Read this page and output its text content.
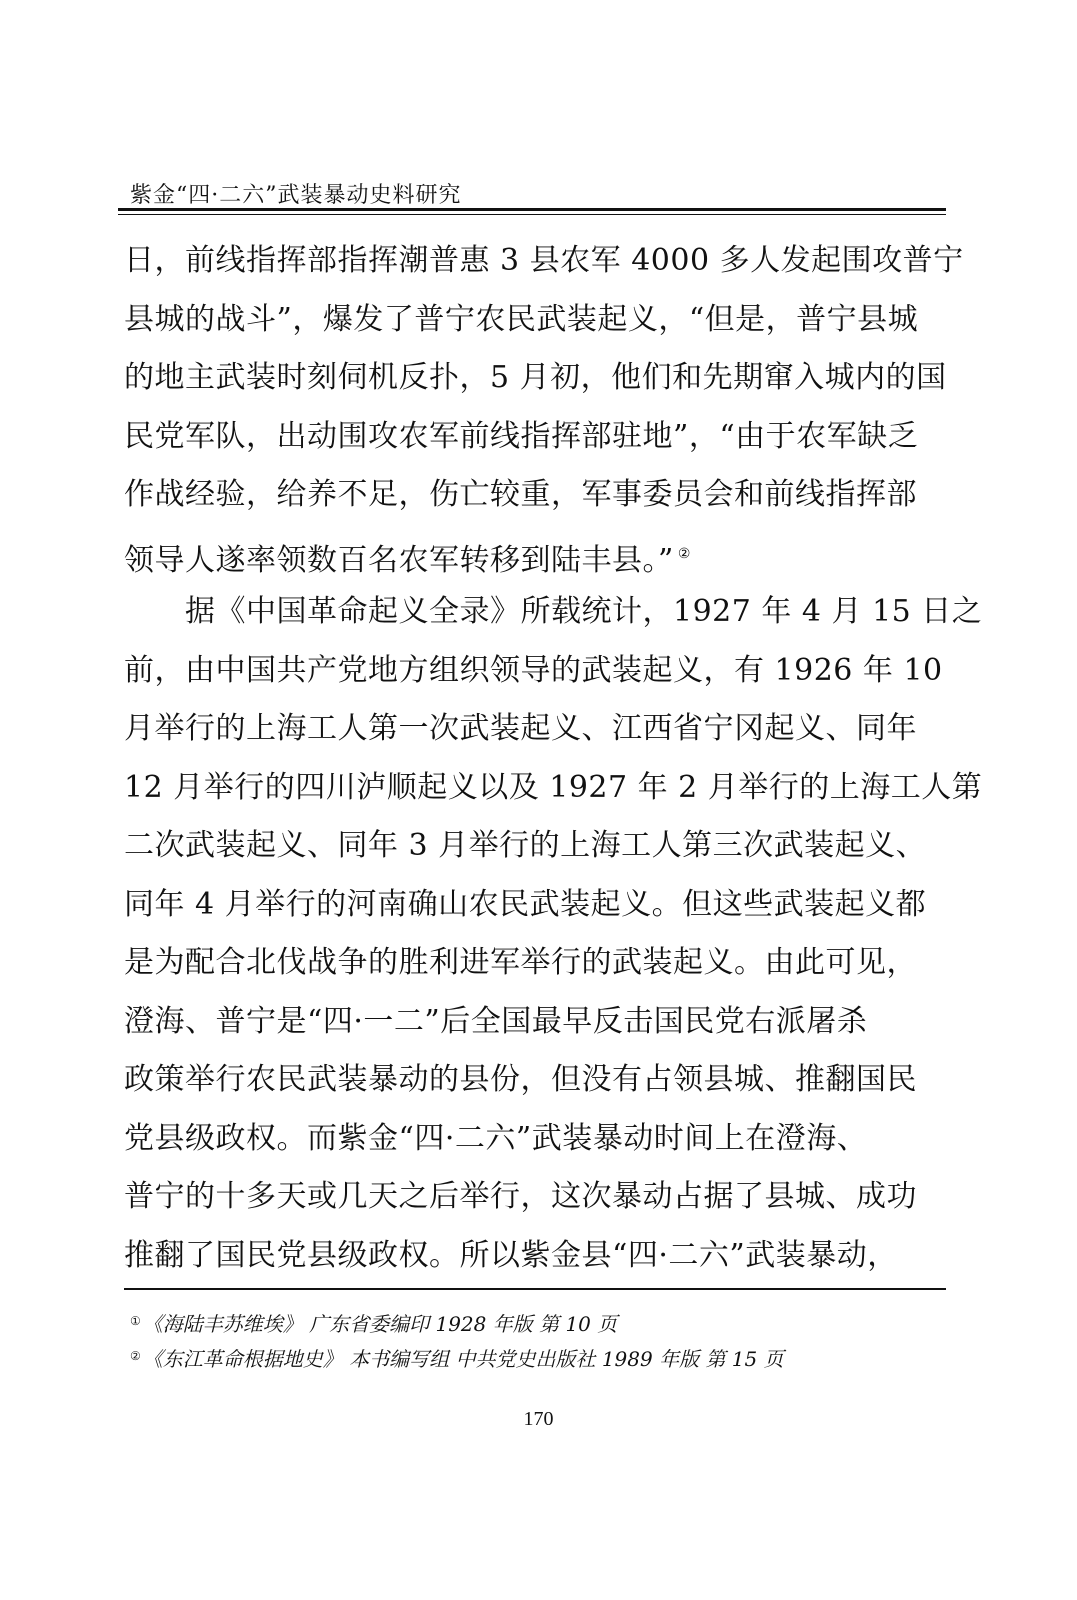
紫金“四·二六”武装暴动史料研究
日，前线指挥部指挥潮普惠 3 县农军 4000 多人发起围攻普宁
县城的战斗”，爆发了普宁农民武装起义，“但是，普宁县城
的地主武装时刻伺机反扑，5 月初，他们和先期窜入城内的国
民党军队，出动围攻农军前线指挥部驻地”，“由于农军缺乏
作战经验，给养不足，伤亡较重，军事委员会和前线指挥部
领导人遂率领数百名农军转移到陆丰县。” ②
　　据《中国革命起义全录》所载统计，1927 年 4 月 15 日之
前，由中国共产党地方组织领导的武装起义，有 1926 年 10
月举行的上海工人第一次武装起义、江西省宁冈起义、同年
12 月举行的四川泸顺起义以及 1927 年 2 月举行的上海工人第
二次武装起义、同年 3 月举行的上海工人第三次武装起义、
同年 4 月举行的河南确山农民武装起义。但这些武装起义都
是为配合北伐战争的胜利进军举行的武装起义。由此可见，
澄海、普宁是“四·一二”后全国最早反击国民党右派屠杀
政策举行农民武装暴动的县份，但没有占领县城、推翻国民
党县级政权。而紫金“四·二六”武装暴动时间上在澄海、
普宁的十多天或几天之后举行，这次暴动占据了县城、成功
推翻了国民党县级政权。所以紫金县“四·二六”武装暴动，
① 《海陆丰苏维埃》 广东省委编印 1928 年版 第 10 页
② 《东江革命根据地史》 本书编写组 中共党史出版社 1989 年版 第 15 页
170
